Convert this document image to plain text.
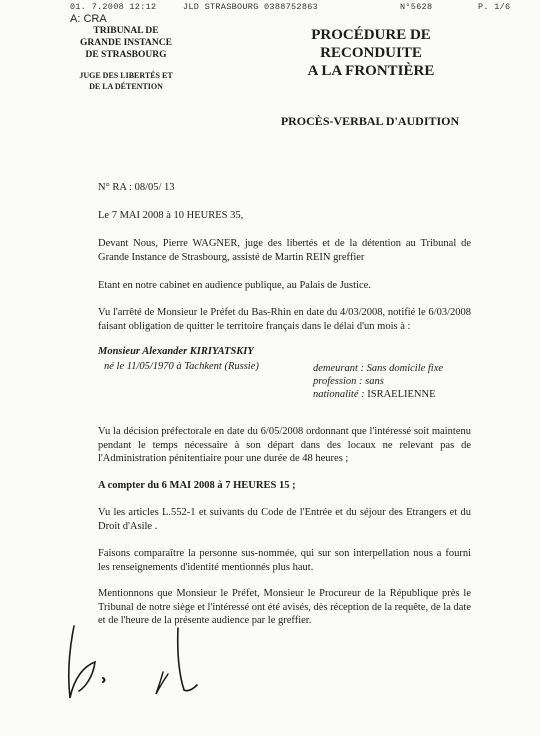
01. 7.2008 12:12	JLD STRASBOURG 0388752863	N°5628	P. 1/6
A: CRA
TRIBUNAL DE
GRANDE INSTANCE
DE STRASBOURG
JUGE DES LIBERTÉS ET
DE LA DÉTENTION
PROCÉDURE DE
RECONDUITE
A LA FRONTIÈRE
PROCÈS-VERBAL D'AUDITION
N° RA : 08/05/ 13
Le 7 MAI 2008 à 10 HEURES 35,
Devant Nous, Pierre WAGNER, juge des libertés et de la détention au Tribunal de Grande Instance de Strasbourg, assisté de Martin REIN greffier
Etant en notre cabinet en audience publique, au Palais de Justice.
Vu l'arrêté de Monsieur le Préfet du Bas-Rhin en date du 4/03/2008, notifié le 6/03/2008 faisant obligation de quitter le territoire français dans le délai d'un mois à :
Monsieur Alexander KIRIYATSKIY
né le 11/05/1970 à Tachkent (Russie)	demeurant : Sans domicile fixe
profession : sans
nationalité : ISRAELIENNE
Vu la décision préfectorale en date du 6/05/2008 ordonnant que l'intéressé soit maintenu pendant le temps nécessaire à son départ dans des locaux ne relevant pas de l'Administration pénitentiaire pour une durée de 48 heures ;
A compter du 6 MAI 2008 à 7 HEURES 15 ;
Vu les articles L.552-1 et suivants du Code de l'Entrée et du séjour des Etrangers et du Droit d'Asile .
Faisons comparaître la personne sus-nommée, qui sur son interpellation nous a fourni les renseignements d'identité mentionnés plus haut.
Mentionnons que Monsieur le Préfet, Monsieur le Procureur de la République près le Tribunal de notre siège et l'intéressé ont été avisés, dès réception de la requête, de la date et de l'heure de la présente audience par le greffier.
